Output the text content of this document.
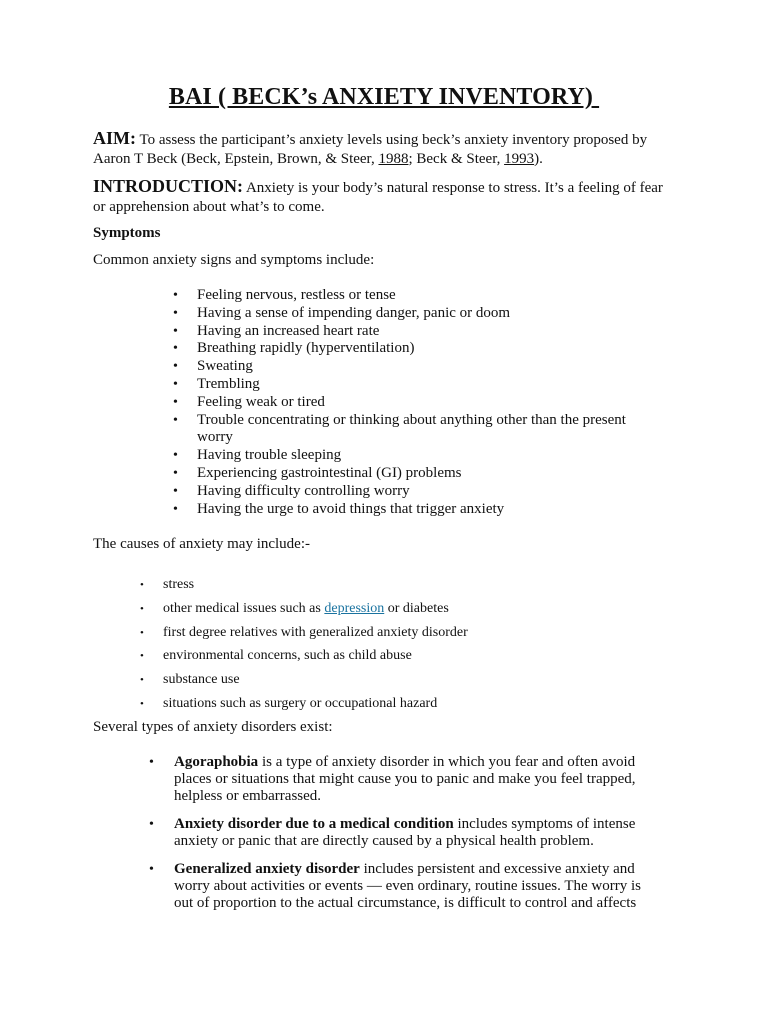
BAI ( BECK’s ANXIETY INVENTORY)
AIM: To assess the participant’s anxiety levels using beck’s anxiety inventory proposed by Aaron T Beck (Beck, Epstein, Brown, & Steer, 1988; Beck & Steer, 1993).
INTRODUCTION: Anxiety is your body’s natural response to stress. It’s a feeling of fear or apprehension about what’s to come.
Symptoms
Common anxiety signs and symptoms include:
• Feeling nervous, restless or tense
• Having a sense of impending danger, panic or doom
• Having an increased heart rate
• Breathing rapidly (hyperventilation)
• Sweating
• Trembling
• Feeling weak or tired
• Trouble concentrating or thinking about anything other than the present worry
• Having trouble sleeping
• Experiencing gastrointestinal (GI) problems
• Having difficulty controlling worry
• Having the urge to avoid things that trigger anxiety
The causes of anxiety may include:-
• stress
• other medical issues such as depression or diabetes
• first degree relatives with generalized anxiety disorder
• environmental concerns, such as child abuse
• substance use
• situations such as surgery or occupational hazard
Several types of anxiety disorders exist:
• Agoraphobia is a type of anxiety disorder in which you fear and often avoid places or situations that might cause you to panic and make you feel trapped, helpless or embarrassed.
• Anxiety disorder due to a medical condition includes symptoms of intense anxiety or panic that are directly caused by a physical health problem.
• Generalized anxiety disorder includes persistent and excessive anxiety and worry about activities or events — even ordinary, routine issues. The worry is out of proportion to the actual circumstance, is difficult to control and affects
